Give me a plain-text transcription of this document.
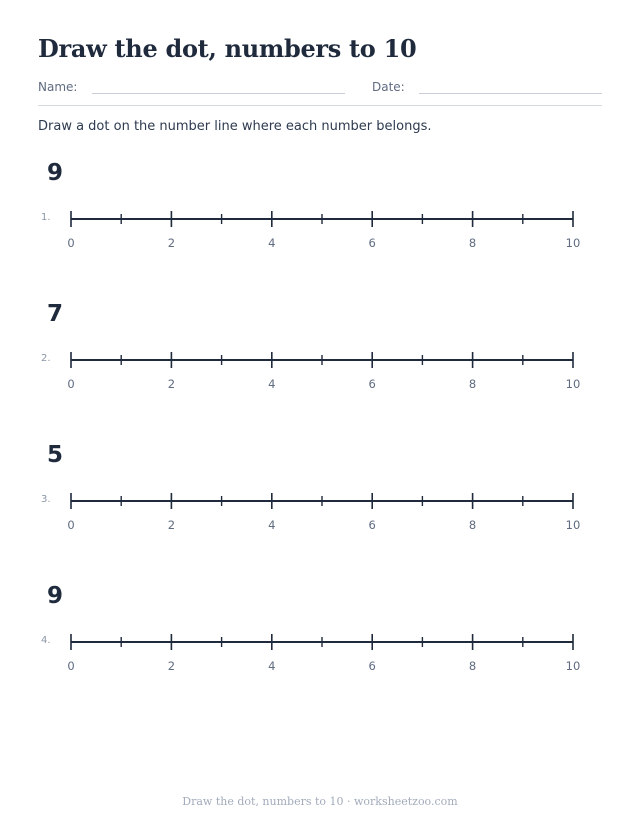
Draw the dot, numbers to 10
Name:	Date:

Draw a dot on the number line where each number belongs.

9
1.
0	2	4	6	8	10
7
2.
0	2	4	6	8	10
5
3.
0	2	4	6	8	10
9
4.
0	2	4	6	8	10
Draw the dot, numbers to 10 · worksheetzoo.com
